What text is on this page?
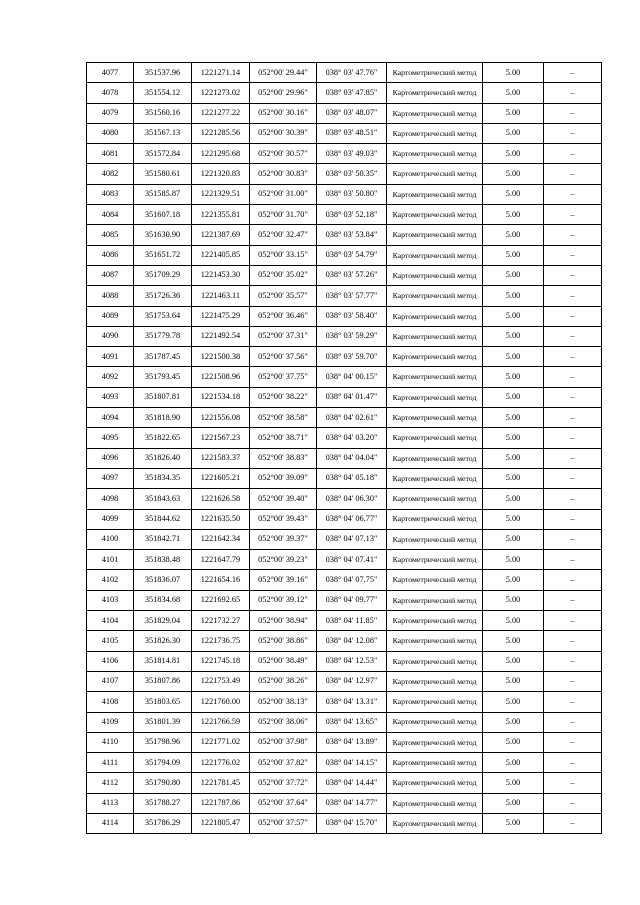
4077	351537.96	1221271.14	052°00' 29.44"	038° 03' 47.76"	Картометрический метод	5.00	–
4078	351554.12	1221273.02	052°00' 29.96"	038° 03' 47.85"	Картометрический метод	5.00	–
4079	351560.16	1221277.22	052°00' 30.16"	038° 03' 48.07"	Картометрический метод	5.00	–
4080	351567.13	1221285.56	052°00' 30.39"	038° 03' 48.51"	Картометрический метод	5.00	–
4081	351572.84	1221295.68	052°00' 30.57"	038° 03' 49.03"	Картометрический метод	5.00	–
4082	351580.61	1221320.83	052°00' 30.83"	038° 03' 50.35"	Картометрический метод	5.00	–
4083	351585.87	1221329.51	052°00' 31.00"	038° 03' 50.80"	Картометрический метод	5.00	–
4084	351607.18	1221355.81	052°00' 31.70"	038° 03' 52.18"	Картометрический метод	5.00	–
4085	351630.90	1221387.69	052°00' 32.47"	038° 03' 53.84"	Картометрический метод	5.00	–
4086	351651.72	1221405.85	052°00' 33.15"	038° 03' 54.79"	Картометрический метод	5.00	–
4087	351709.29	1221453.30	052°00' 35.02"	038° 03' 57.26"	Картометрический метод	5.00	–
4088	351726.36	1221463.11	052°00' 35.57"	038° 03' 57.77"	Картометрический метод	5.00	–
4089	351753.64	1221475.29	052°00' 36.46"	038° 03' 58.40"	Картометрический метод	5.00	–
4090	351779.78	1221492.54	052°00' 37.31"	038° 03' 59.29"	Картометрический метод	5.00	–
4091	351787.45	1221500.38	052°00' 37.56"	038° 03' 59.70"	Картометрический метод	5.00	–
4092	351793.45	1221508.96	052°00' 37.75"	038° 04' 00.15"	Картометрический метод	5.00	–
4093	351807.81	1221534.18	052°00' 38.22"	038° 04' 01.47"	Картометрический метод	5.00	–
4094	351818.90	1221556.08	052°00' 38.58"	038° 04' 02.61"	Картометрический метод	5.00	–
4095	351822.65	1221567.23	052°00' 38.71"	038° 04' 03.20"	Картометрический метод	5.00	–
4096	351826.40	1221583.37	052°00' 38.83"	038° 04' 04.04"	Картометрический метод	5.00	–
4097	351834.35	1221605.21	052°00' 39.09"	038° 04' 05.18"	Картометрический метод	5.00	–
4098	351843.63	1221626.58	052°00' 39.40"	038° 04' 06.30"	Картометрический метод	5.00	–
4099	351844.62	1221635.50	052°00' 39.43"	038° 04' 06.77"	Картометрический метод	5.00	–
4100	351842.71	1221642.34	052°00' 39.37"	038° 04' 07.13"	Картометрический метод	5.00	–
4101	351838.48	1221647.79	052°00' 39.23"	038° 04' 07.41"	Картометрический метод	5.00	–
4102	351836.07	1221654.16	052°00' 39.16"	038° 04' 07.75"	Картометрический метод	5.00	–
4103	351834.68	1221692.65	052°00' 39.12"	038° 04' 09.77"	Картометрический метод	5.00	–
4104	351829.04	1221732.27	052°00' 38.94"	038° 04' 11.85"	Картометрический метод	5.00	–
4105	351826.30	1221736.75	052°00' 38.86"	038° 04' 12.08"	Картометрический метод	5.00	–
4106	351814.81	1221745.18	052°00' 38.49"	038° 04' 12.53"	Картометрический метод	5.00	–
4107	351807.86	1221753.49	052°00' 38.26"	038° 04' 12.97"	Картометрический метод	5.00	–
4108	351803.65	1221760.00	052°00' 38.13"	038° 04' 13.31"	Картометрический метод	5.00	–
4109	351801.39	1221766.59	052°00' 38.06"	038° 04' 13.65"	Картометрический метод	5.00	–
4110	351798.96	1221771.02	052°00' 37.98"	038° 04' 13.89"	Картометрический метод	5.00	–
4111	351794.09	1221776.02	052°00' 37.82"	038° 04' 14.15"	Картометрический метод	5.00	–
4112	351790.80	1221781.45	052°00' 37.72"	038° 04' 14.44"	Картометрический метод	5.00	–
4113	351788.27	1221787.86	052°00' 37.64"	038° 04' 14.77"	Картометрический метод	5.00	–
4114	351786.29	1221805.47	052°00' 37.57"	038° 04' 15.70"	Картометрический метод	5.00	–
